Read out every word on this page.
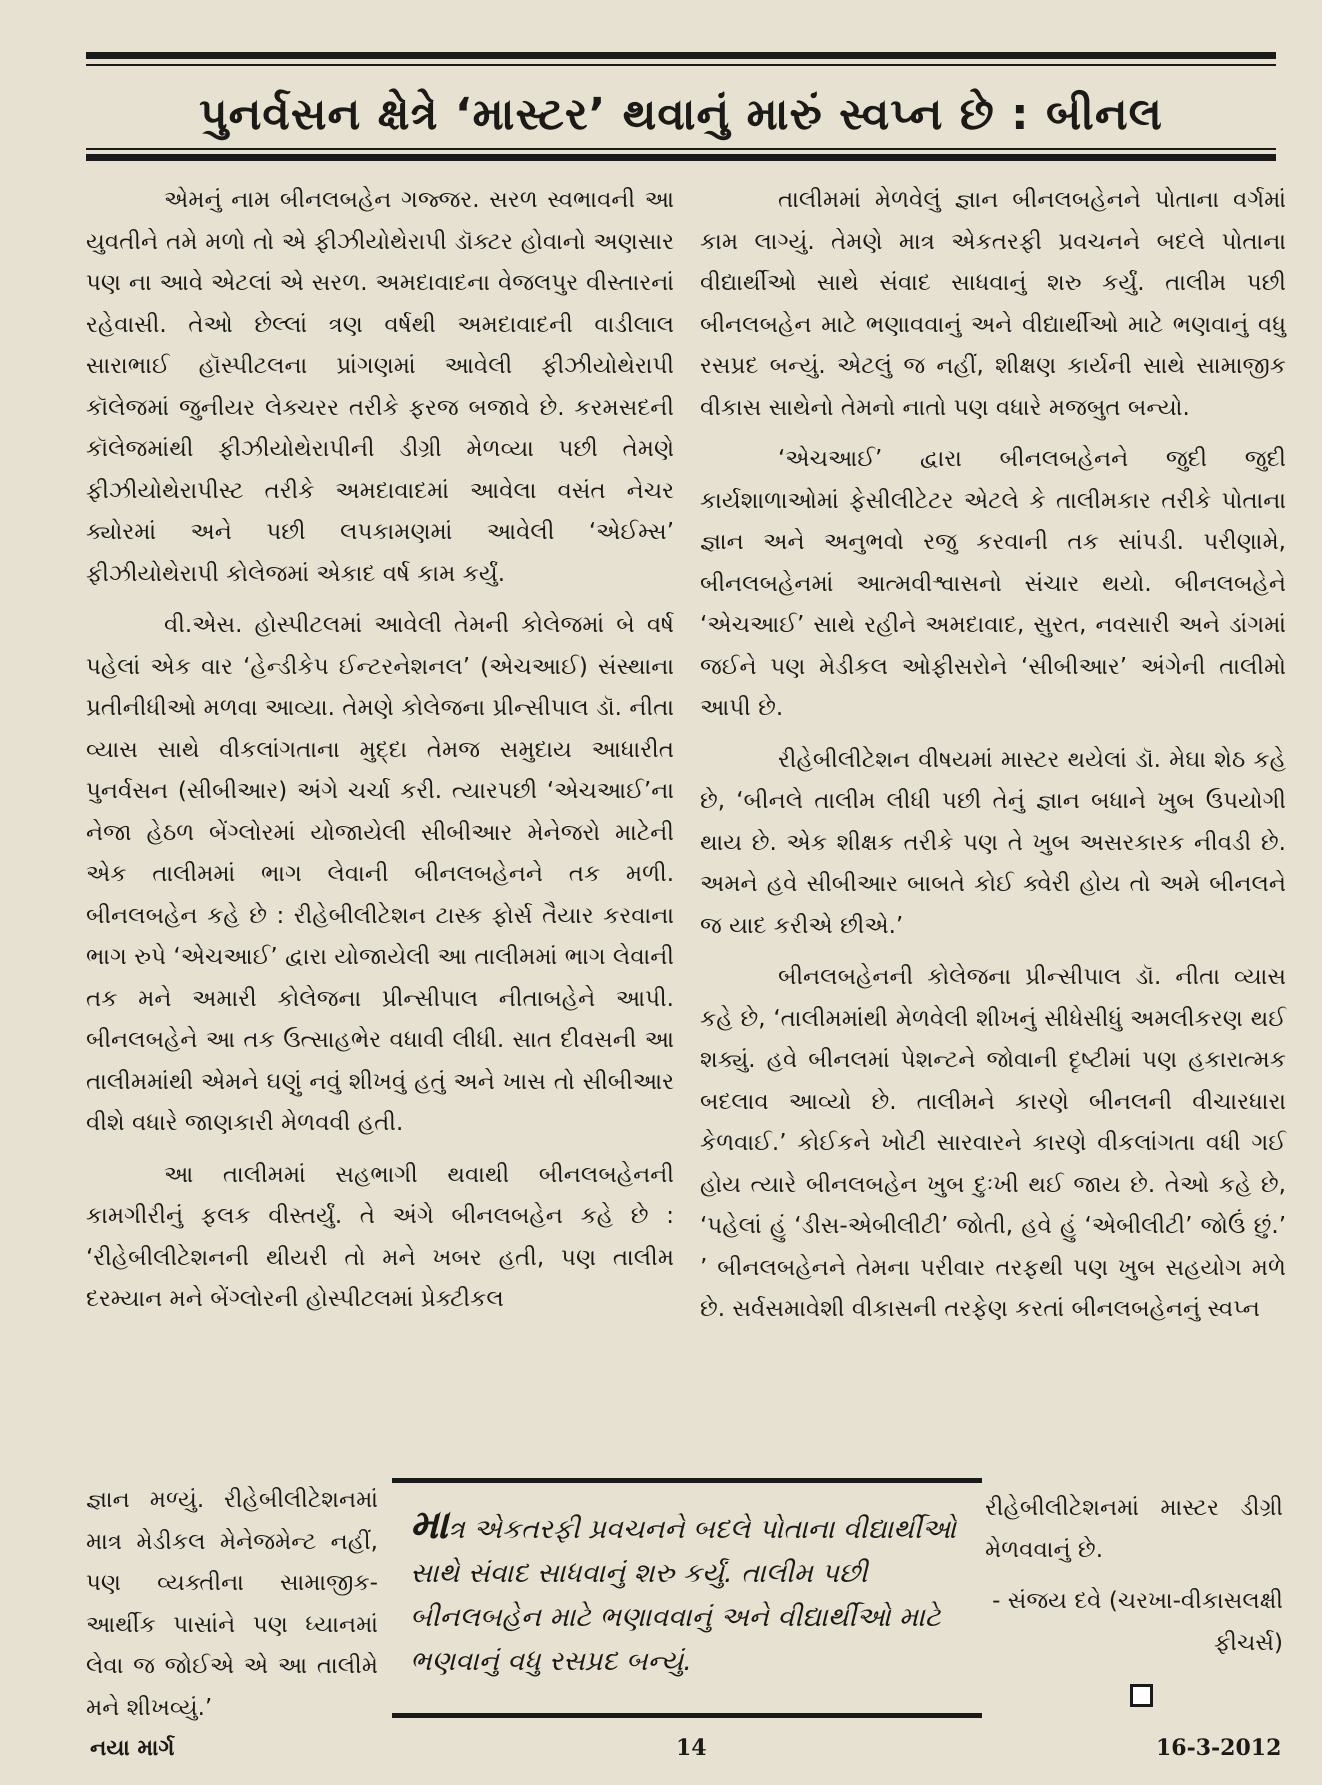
પુનર્વસન ક્ષેત્રે ‘માસ્ટર’ થવાનું મારું સ્વપ્ન છે : બીનલ

એમનું નામ બીનલબહેન ગજ્જર. સરળ સ્વભાવની આ યુવતીને તમે મળો તો એ ફીઝીયોથેરાપી ડૉક્ટર હોવાનો અણસાર પણ ના આવે એટલાં એ સરળ. અમદાવાદના વેજલપુર વીસ્તારનાં રહેવાસી. તેઓ છેલ્લાં ત્રણ વર્ષથી અમદાવાદની વાડીલાલ સારાભાઈ હૉસ્પીટલના પ્રાંગણમાં આવેલી ફીઝીયોથેરાપી કૉલેજમાં જુનીયર લેક્ચરર તરીકે ફરજ બજાવે છે. કરમસદની કૉલેજમાંથી ફીઝીયોથેરાપીની ડીગ્રી મેળવ્યા પછી તેમણે ફીઝીયોથેરાપીસ્ટ તરીકે અમદાવાદમાં આવેલા વસંત નેચર ક્યોરમાં અને પછી લપકામણમાં આવેલી ‘એઈમ્સ’ ફીઝીયોથેરાપી કોલેજમાં એકાદ વર્ષ કામ કર્યું.

વી.એસ. હોસ્પીટલમાં આવેલી તેમની કોલેજમાં બે વર્ષ પહેલાં એક વાર ‘હેન્ડીકેપ ઈન્ટરનેશનલ’ (એચઆઈ) સંસ્થાના પ્રતીનીધીઓ મળવા આવ્યા. તેમણે કોલેજના પ્રીન્સીપાલ ડૉ. નીતા વ્યાસ સાથે વીકલાંગતાના મુદ્દા તેમજ સમુદાય આધારીત પુનર્વસન (સીબીઆર) અંગે ચર્ચા કરી. ત્યારપછી ‘એચઆઈ’ના નેજા હેઠળ બેંગ્લોરમાં યોજાયેલી સીબીઆર મેનેજરો માટેની એક તાલીમમાં ભાગ લેવાની બીનલબહેનને તક મળી. બીનલબહેન કહે છે : રીહેબીલીટેશન ટાસ્ક ફોર્સ તૈયાર કરવાના ભાગ રુપે ‘એચઆઈ’ દ્વારા યોજાયેલી આ તાલીમમાં ભાગ લેવાની તક મને અમારી કોલેજના પ્રીન્સીપાલ નીતાબહેને આપી. બીનલબહેને આ તક ઉત્સાહભેર વધાવી લીધી. સાત દીવસની આ તાલીમમાંથી એમને ઘણું નવું શીખવું હતું અને ખાસ તો સીબીઆર વીશે વધારે જાણકારી મેળવવી હતી.

આ તાલીમમાં સહભાગી થવાથી બીનલબહેનની કામગીરીનું ફલક વીસ્તર્યું. તે અંગે બીનલબહેન કહે છે : ‘રીહેબીલીટેશનની થીયરી તો મને ખબર હતી, પણ તાલીમ દરમ્યાન મને બેંગ્લોરની હોસ્પીટલમાં પ્રેક્ટીકલ

જ્ઞાન મળ્યું. રીહેબીલીટેશનમાં માત્ર મેડીકલ મેનેજમેન્ટ નહીં, પણ વ્યક્તીના સામાજીક-આર્થીક પાસાંને પણ ધ્યાનમાં લેવા જ જોઈએ એ આ તાલીમે મને શીખવ્યું.’

તાલીમમાં મેળવેલું જ્ઞાન બીનલબહેનને પોતાના વર્ગમાં કામ લાગ્યું. તેમણે માત્ર એકતરફી પ્રવચનને બદલે પોતાના વીદ્યાર્થીઓ સાથે સંવાદ સાધવાનું શરુ કર્યું. તાલીમ પછી બીનલબહેન માટે ભણાવવાનું અને વીદ્યાર્થીઓ માટે ભણવાનું વધુ રસપ્રદ બન્યું. એટલું જ નહીં, શીક્ષણ કાર્યની સાથે સામાજીક વીકાસ સાથેનો તેમનો નાતો પણ વધારે મજબુત બન્યો.

‘એચઆઈ’ દ્વારા બીનલબહેનને જુદી જુદી કાર્યશાળાઓમાં ફેસીલીટેટર એટલે કે તાલીમકાર તરીકે પોતાના જ્ઞાન અને અનુભવો રજુ કરવાની તક સાંપડી. પરીણામે, બીનલબહેનમાં આત્મવીશ્વાસનો સંચાર થયો. બીનલબહેને ‘એચઆઈ’ સાથે રહીને અમદાવાદ, સુરત, નવસારી અને ડાંગમાં જઈને પણ મેડીકલ ઓફીસરોને ‘સીબીઆર’ અંગેની તાલીમો આપી છે.

રીહેબીલીટેશન વીષયમાં માસ્ટર થયેલાં ડૉ. મેઘા શેઠ કહે છે, ‘બીનલે તાલીમ લીધી પછી તેનું જ્ઞાન બધાને ખુબ ઉપયોગી થાય છે. એક શીક્ષક તરીકે પણ તે ખુબ અસરકારક નીવડી છે. અમને હવે સીબીઆર બાબતે કોઈ ક્વેરી હોય તો અમે બીનલને જ યાદ કરીએ છીએ.’

બીનલબહેનની કોલેજના પ્રીન્સીપાલ ડૉ. નીતા વ્યાસ કહે છે, ‘તાલીમમાંથી મેળવેલી શીખનું સીધેસીધું અમલીકરણ થઈ શક્યું. હવે બીનલમાં પેશન્ટને જોવાની દૃષ્ટીમાં પણ હકારાત્મક બદલાવ આવ્યો છે. તાલીમને કારણે બીનલની વીચારધારા કેળવાઈ.’ કોઈકને ખોટી સારવારને કારણે વીકલાંગતા વધી ગઈ હોય ત્યારે બીનલબહેન ખુબ દુઃખી થઈ જાય છે. તેઓ કહે છે, ‘પહેલાં હું ‘ડીસ-એબીલીટી’ જોતી, હવે હું ‘એબીલીટી’ જોઉં છું.’ ’ બીનલબહેનને તેમના પરીવાર તરફથી પણ ખુબ સહયોગ મળે છે. સર્વસમાવેશી વીકાસની તરફેણ કરતાં બીનલબહેનનું સ્વપ્ન

રીહેબીલીટેશનમાં માસ્ટર ડીગ્રી મેળવવાનું છે.

- સંજય દવે (ચરખા-વીકાસલક્ષી ફીચર્સ)

માત્ર એકતરફી પ્રવચનને બદલે પોતાના વીદ્યાર્થીઓ સાથે સંવાદ સાધવાનું શરુ કર્યું. તાલીમ પછી બીનલબહેન માટે ભણાવવાનું અને વીદ્યાર્થીઓ માટે ભણવાનું વધુ રસપ્રદ બન્યું.
નયા માર્ગ	14	16-3-2012
